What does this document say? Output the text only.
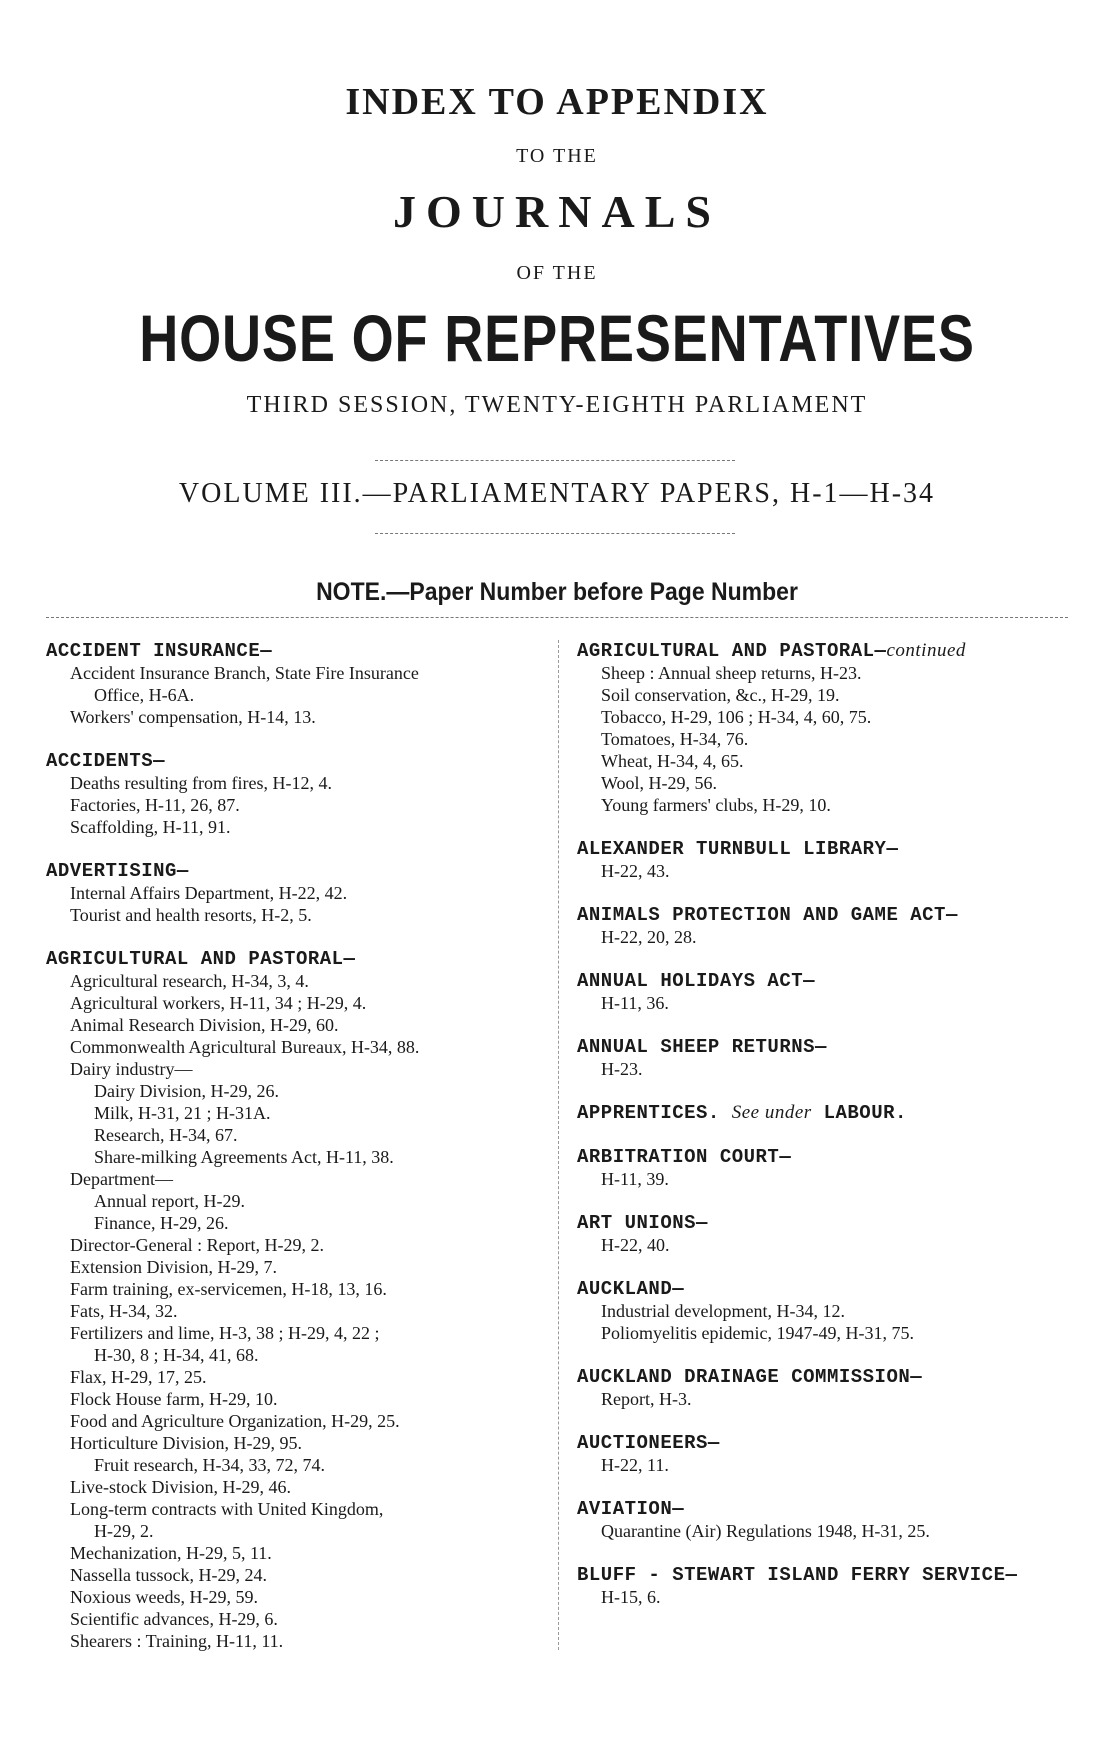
INDEX TO APPENDIX
TO THE
JOURNALS
OF THE
HOUSE OF REPRESENTATIVES
THIRD SESSION, TWENTY-EIGHTH PARLIAMENT
VOLUME III.—PARLIAMENTARY PAPERS, H-1—H-34
NOTE.—Paper Number before Page Number
ACCIDENT INSURANCE—
Accident Insurance Branch, State Fire Insurance
Office, H-6A.
Workers' compensation, H-14, 13.
ACCIDENTS—
Deaths resulting from fires, H-12, 4.
Factories, H-11, 26, 87.
Scaffolding, H-11, 91.
ADVERTISING—
Internal Affairs Department, H-22, 42.
Tourist and health resorts, H-2, 5.
AGRICULTURAL AND PASTORAL—
Agricultural research, H-34, 3, 4.
Agricultural workers, H-11, 34 ; H-29, 4.
Animal Research Division, H-29, 60.
Commonwealth Agricultural Bureaux, H-34, 88.
Dairy industry—
Dairy Division, H-29, 26.
Milk, H-31, 21 ; H-31A.
Research, H-34, 67.
Share-milking Agreements Act, H-11, 38.
Department—
Annual report, H-29.
Finance, H-29, 26.
Director-General : Report, H-29, 2.
Extension Division, H-29, 7.
Farm training, ex-servicemen, H-18, 13, 16.
Fats, H-34, 32.
Fertilizers and lime, H-3, 38 ; H-29, 4, 22 ;
H-30, 8 ; H-34, 41, 68.
Flax, H-29, 17, 25.
Flock House farm, H-29, 10.
Food and Agriculture Organization, H-29, 25.
Horticulture Division, H-29, 95.
Fruit research, H-34, 33, 72, 74.
Live-stock Division, H-29, 46.
Long-term contracts with United Kingdom,
H-29, 2.
Mechanization, H-29, 5, 11.
Nassella tussock, H-29, 24.
Noxious weeds, H-29, 59.
Scientific advances, H-29, 6.
Shearers : Training, H-11, 11.
AGRICULTURAL AND PASTORAL—continued
Sheep : Annual sheep returns, H-23.
Soil conservation, &c., H-29, 19.
Tobacco, H-29, 106 ; H-34, 4, 60, 75.
Tomatoes, H-34, 76.
Wheat, H-34, 4, 65.
Wool, H-29, 56.
Young farmers' clubs, H-29, 10.
ALEXANDER TURNBULL LIBRARY—
H-22, 43.
ANIMALS PROTECTION AND GAME ACT—
H-22, 20, 28.
ANNUAL HOLIDAYS ACT—
H-11, 36.
ANNUAL SHEEP RETURNS—
H-23.
APPRENTICES. See under LABOUR.
ARBITRATION COURT—
H-11, 39.
ART UNIONS—
H-22, 40.
AUCKLAND—
Industrial development, H-34, 12.
Poliomyelitis epidemic, 1947-49, H-31, 75.
AUCKLAND DRAINAGE COMMISSION—
Report, H-3.
AUCTIONEERS—
H-22, 11.
AVIATION—
Quarantine (Air) Regulations 1948, H-31, 25.
BLUFF - STEWART ISLAND FERRY SERVICE—
H-15, 6.
